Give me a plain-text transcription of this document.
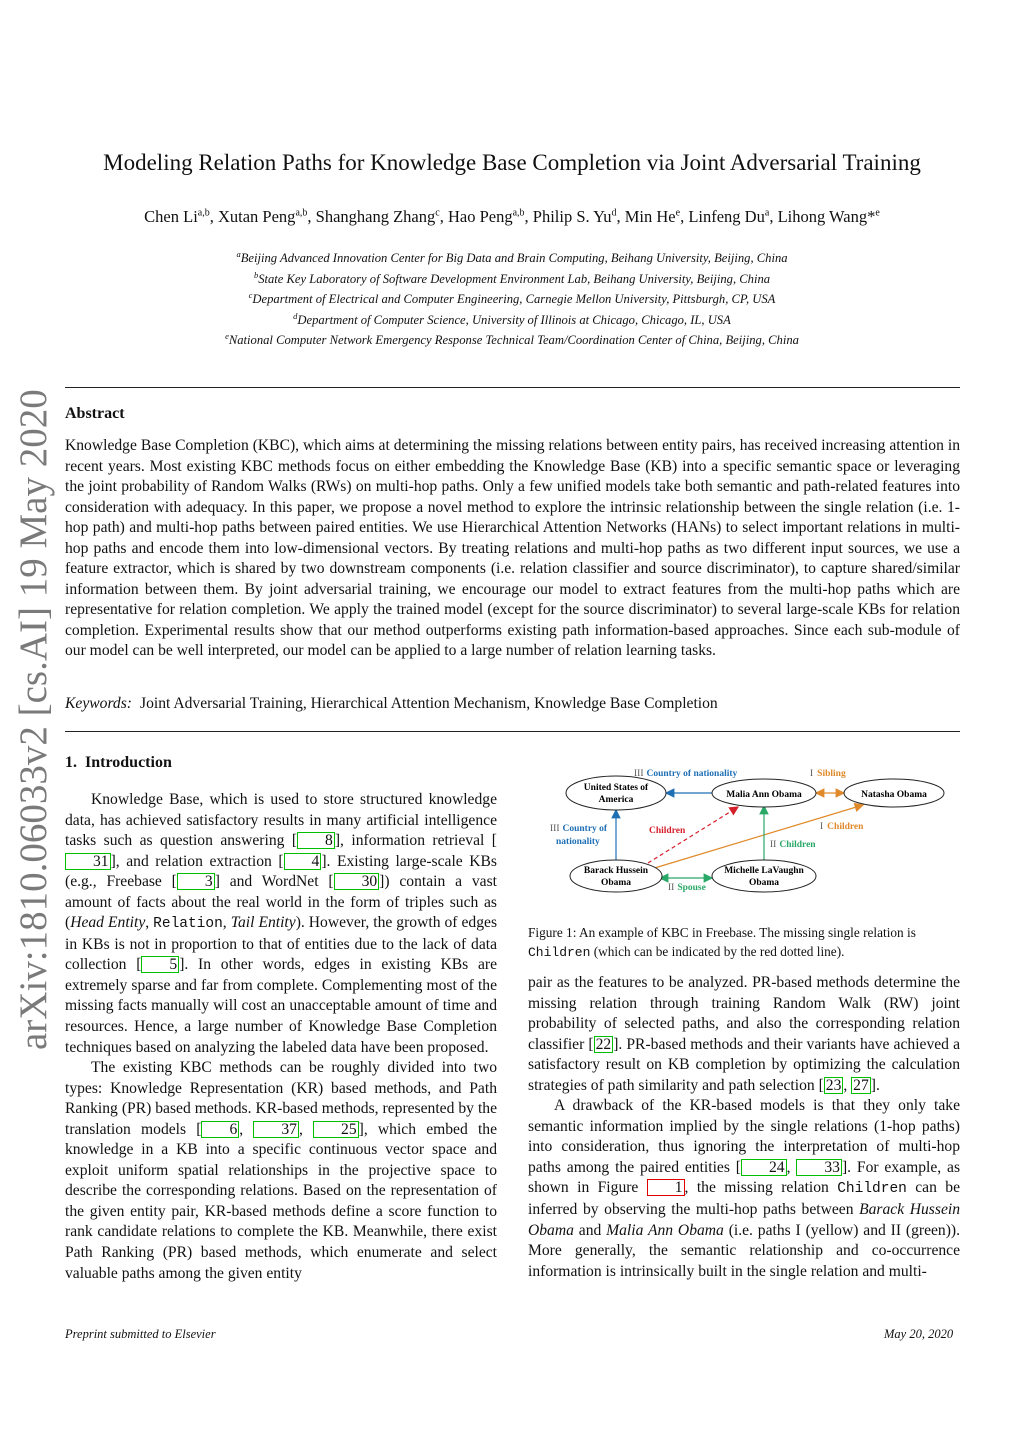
arXiv:1810.06033v2 [cs.AI] 19 May 2020
Modeling Relation Paths for Knowledge Base Completion via Joint Adversarial Training
Chen Li$^{a,b}$, Xutan Peng$^{a,b}$, Shanghang Zhang$^c$, Hao Peng$^{a,b}$, Philip S. Yu$^d$, Min He$^e$, Linfeng Du$^a$, Lihong Wang*$^e$
$^a$Beijing Advanced Innovation Center for Big Data and Brain Computing, Beihang University, Beijing, China
$^b$State Key Laboratory of Software Development Environment Lab, Beihang University, Beijing, China
$^c$Department of Electrical and Computer Engineering, Carnegie Mellon University, Pittsburgh, CP, USA
$^d$Department of Computer Science, University of Illinois at Chicago, Chicago, IL, USA
$^e$National Computer Network Emergency Response Technical Team/Coordination Center of China, Beijing, China
Abstract
Knowledge Base Completion (KBC), which aims at determining the missing relations between entity pairs, has received increasing attention in recent years. Most existing KBC methods focus on either embedding the Knowledge Base (KB) into a specific semantic space or leveraging the joint probability of Random Walks (RWs) on multi-hop paths. Only a few unified models take both semantic and path-related features into consideration with adequacy. In this paper, we propose a novel method to explore the intrinsic relationship between the single relation (i.e. 1-hop path) and multi-hop paths between paired entities. We use Hierarchical Attention Networks (HANs) to select important relations in multi-hop paths and encode them into low-dimensional vectors. By treating relations and multi-hop paths as two different input sources, we use a feature extractor, which is shared by two downstream components (i.e. relation classifier and source discriminator), to capture shared/similar information between them. By joint adversarial training, we encourage our model to extract features from the multi-hop paths which are representative for relation completion. We apply the trained model (except for the source discriminator) to several large-scale KBs for relation completion. Experimental results show that our method outperforms existing path information-based approaches. Since each sub-module of our model can be well interpreted, our model can be applied to a large number of relation learning tasks.
Keywords: Joint Adversarial Training, Hierarchical Attention Mechanism, Knowledge Base Completion
1. Introduction

Knowledge Base, which is used to store structured knowledge data, has achieved satisfactory results in many artificial intelligence tasks such as question answering [ 8 ], information retrieval [31 ], and relation extraction [ 4 ]. Existing large-scale KBs (e.g., Freebase [ 3 ] and WordNet [ 30 ]) contain a vast amount of facts about the real world in the form of triples such as (Head Entity, Relation, Tail Entity). However, the growth of edges in KBs is not in proportion to that of entities due to the lack of data collection [ 5 ]. In other words, edges in existing KBs are extremely sparse and far from complete. Complementing most of the missing facts manually will cost an unacceptable amount of time and resources. Hence, a large number of Knowledge Base Completion techniques based on analyzing the labeled data have been proposed.

The existing KBC methods can be roughly divided into two types: Knowledge Representation (KR) based methods, and Path Ranking (PR) based methods. KR-based methods, represented by the translation models [ 6 , 37 , 25 ], which embed the knowledge in a KB into a specific continuous vector space and exploit uniform spatial relationships in the projective space to describe the corresponding relations. Based on the representation of the given entity pair, KR-based methods define a score function to rank candidate relations to complete the KB. Meanwhile, there exist Path Ranking (PR) based methods, which enumerate and select valuable paths among the given entity

United States of
America	Malia Ann Obama	Natasha Obama
Barack Hussein
Obama
Michelle LaVaughn
Obama
III Country of nationality	I Sibling
III Country of
nationality
Children	I Children
II Children
II Spouse
Figure 1: An example of KBC in Freebase. The missing single relation is Children (which can be indicated by the red dotted line).

pair as the features to be analyzed. PR-based methods determine the missing relation through training Random Walk (RW) joint probability of selected paths, and also the corresponding relation classifier [ 22 ]. PR-based methods and their variants have achieved a satisfactory result on KB completion by optimizing the calculation strategies of path similarity and path selection [ 23 , 27 ].

A drawback of the KR-based models is that they only take semantic information implied by the single relations (1-hop paths) into consideration, thus ignoring the interpretation of multi-hop paths among the paired entities [ 24 , 33 ]. For example, as shown in Figure 1 , the missing relation Children can be inferred by observing the multi-hop paths between Barack Hussein Obama and Malia Ann Obama (i.e. paths I (yellow) and II (green)). More generally, the semantic relationship and co-occurrence information is intrinsically built in the single relation and multi-

Preprint submitted to Elsevier	May 20, 2020
